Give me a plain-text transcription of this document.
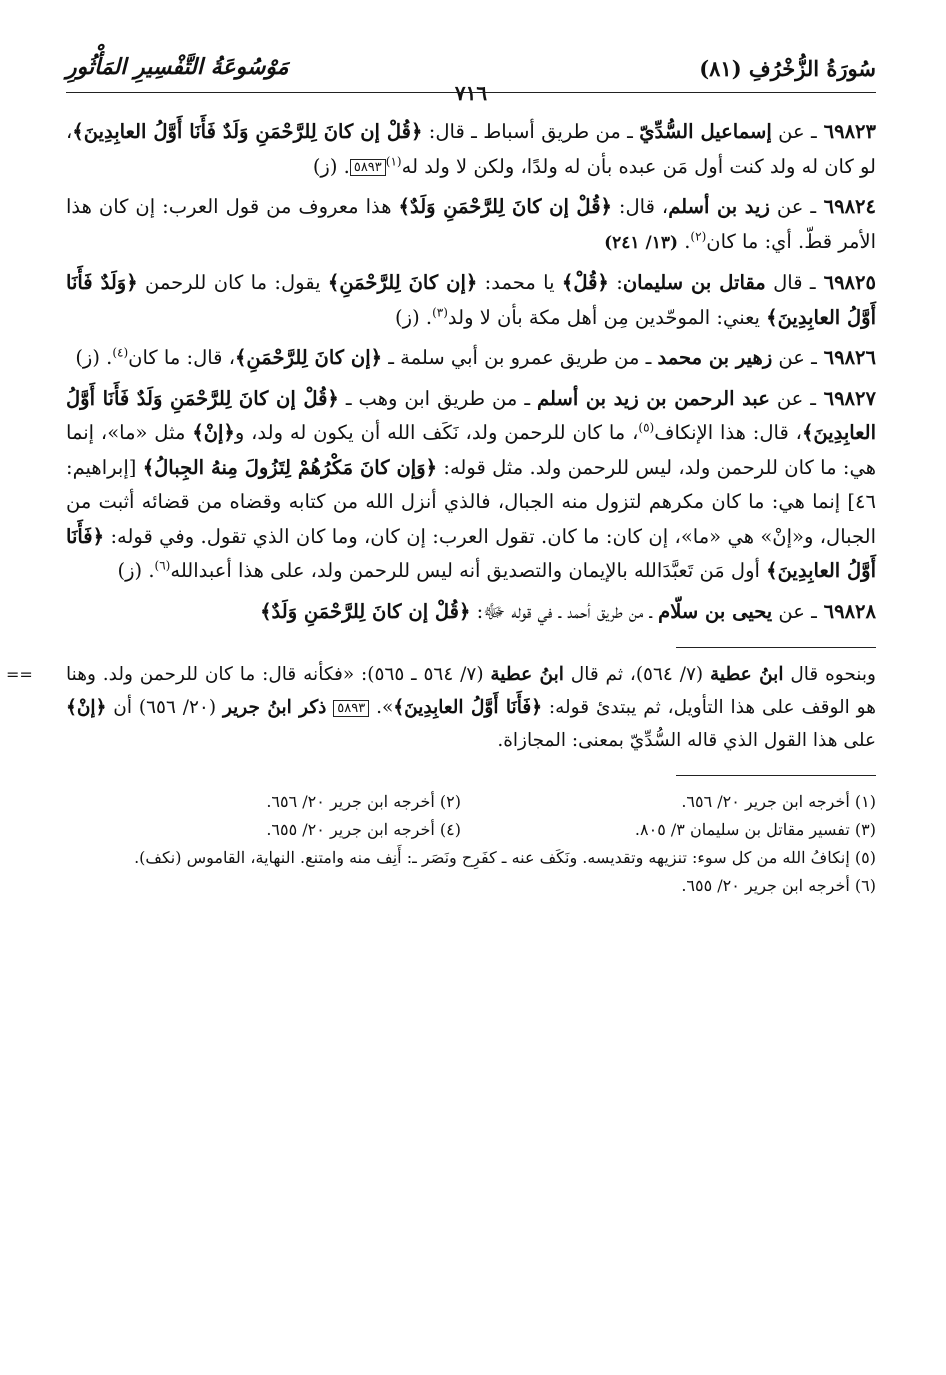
سُورَةُ الزُّخْرُفِ (٨١)
مَوْسُوعَةُ التَّفْسِيرِ المَأْثُورِ
٧١٦

٦٩٨٢٣ ـ عن إسماعيل السُّدِّيّ ـ من طريق أسباط ـ قال: ﴿قُلْ إن كانَ لِلرَّحْمَنِ وَلَدٌ فَأَنَا أَوَّلُ العابِدِينَ﴾، لو كان له ولد كنت أول مَن عبده بأن له ولدًا، ولكن لا ولد له$^{(١)}$٥٨٩٣. (ز)

٦٩٨٢٤ ـ عن زيد بن أسلم، قال: ﴿قُلْ إن كانَ لِلرَّحْمَنِ وَلَدٌ﴾ هذا معروف من قول العرب: إن كان هذا الأمر قطّ. أي: ما كان$^{(٢)}$. (١٣/ ٢٤١)

٦٩٨٢٥ ـ قال مقاتل بن سليمان: ﴿قُلْ﴾ يا محمد: ﴿إن كانَ لِلرَّحْمَنِ﴾ يقول: ما كان للرحمن ﴿وَلَدٌ فَأَنَا أَوَّلُ العابِدِينَ﴾ يعني: الموحّدين مِن أهل مكة بأن لا ولد$^{(٣)}$. (ز)

٦٩٨٢٦ ـ عن زهير بن محمد ـ من طريق عمرو بن أبي سلمة ـ ﴿إن كانَ لِلرَّحْمَنِ﴾، قال: ما كان$^{(٤)}$. (ز)

٦٩٨٢٧ ـ عن عبد الرحمن بن زيد بن أسلم ـ من طريق ابن وهب ـ ﴿قُلْ إن كانَ لِلرَّحْمَنِ وَلَدٌ فَأَنَا أَوَّلُ العابِدِينَ﴾، قال: هذا الإنكاف$^{(٥)}$، ما كان للرحمن ولد، نَكَف الله أن يكون له ولد، و﴿إنْ﴾ مثل «ما»، إنما هي: ما كان للرحمن ولد، ليس للرحمن ولد. مثل قوله: ﴿وَإن كانَ مَكْرُهُمْ لِتَزُولَ مِنهُ الجِبالُ﴾ [إبراهيم: ٤٦] إنما هي: ما كان مكرهم لتزول منه الجبال، فالذي أنزل الله من كتابه وقضاه من قضائه أثبت من الجبال، و«إنْ» هي «ما»، إن كان: ما كان. تقول العرب: إن كان، وما كان الذي تقول. وفي قوله: ﴿فَأَنَا أَوَّلُ العابِدِينَ﴾ أول مَن تَعبَّدَالله بالإيمان والتصديق أنه ليس للرحمن ولد، على هذا أعبدالله$^{(٦)}$. (ز)

٦٩٨٢٨ ـ عن يحيى بن سلّام ـ من طريق أحمد ـ في قوله ﷻ: ﴿قُلْ إن كانَ لِلرَّحْمَنِ وَلَدٌ﴾

==	وبنحوه قال ابنُ عطية (٧/ ٥٦٤)، ثم قال ابنُ عطية (٧/ ٥٦٤ ـ ٥٦٥): «فكأنه قال: ما كان للرحمن ولد. وهنا هو الوقف على هذا التأويل، ثم يبتدئ قوله: ﴿فَأَنَا أَوَّلُ العابِدِينَ﴾». ٥٨٩٣ ذكر ابنُ جرير (٢٠/ ٦٥٦) أن ﴿إنْ﴾ على هذا القول الذي قاله السُّدِّيّ بمعنى: المجازاة.
(١) أخرجه ابن جرير ٢٠/ ٦٥٦.
(٢) أخرجه ابن جرير ٢٠/ ٦٥٦.
(٣) تفسير مقاتل بن سليمان ٣/ ٨٠٥.
(٤) أخرجه ابن جرير ٢٠/ ٦٥٥.

(٥) إنكافُ الله من كل سوء: تنزيهه وتقديسه. ونَكَف عنه ـ كفَرِح ونَصَر ـ: أَنِف منه وامتنع. النهاية، القاموس (نكف).

(٦) أخرجه ابن جرير ٢٠/ ٦٥٥.
